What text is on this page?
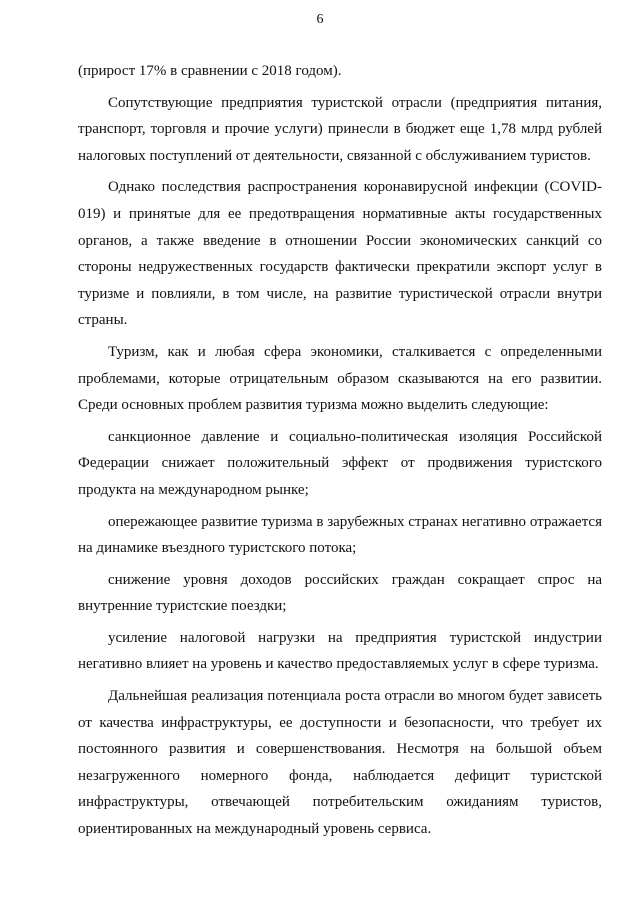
6

(прирост 17% в сравнении с 2018 годом).

Сопутствующие предприятия туристской отрасли (предприятия питания, транспорт, торговля и прочие услуги) принесли в бюджет еще 1,78 млрд рублей налоговых поступлений от деятельности, связанной с обслуживанием туристов.

Однако последствия распространения коронавирусной инфекции (COVID-019) и принятые для ее предотвращения нормативные акты государственных органов, а также введение в отношении России экономических санкций со стороны недружественных государств фактически прекратили экспорт услуг в туризме и повлияли, в том числе, на развитие туристической отрасли внутри страны.

Туризм, как и любая сфера экономики, сталкивается с определенными проблемами, которые отрицательным образом сказываются на его развитии. Среди основных проблем развития туризма можно выделить следующие:

санкционное давление и социально-политическая изоляция Российской Федерации снижает положительный эффект от продвижения туристского продукта на международном рынке;

опережающее развитие туризма в зарубежных странах негативно отражается на динамике въездного туристского потока;

снижение уровня доходов российских граждан сокращает спрос на внутренние туристские поездки;

усиление налоговой нагрузки на предприятия туристской индустрии негативно влияет на уровень и качество предоставляемых услуг в сфере туризма.

Дальнейшая реализация потенциала роста отрасли во многом будет зависеть от качества инфраструктуры, ее доступности и безопасности, что требует их постоянного развития и совершенствования. Несмотря на большой объем незагруженного номерного фонда, наблюдается дефицит туристской инфраструктуры, отвечающей потребительским ожиданиям туристов, ориентированных на международный уровень сервиса.
